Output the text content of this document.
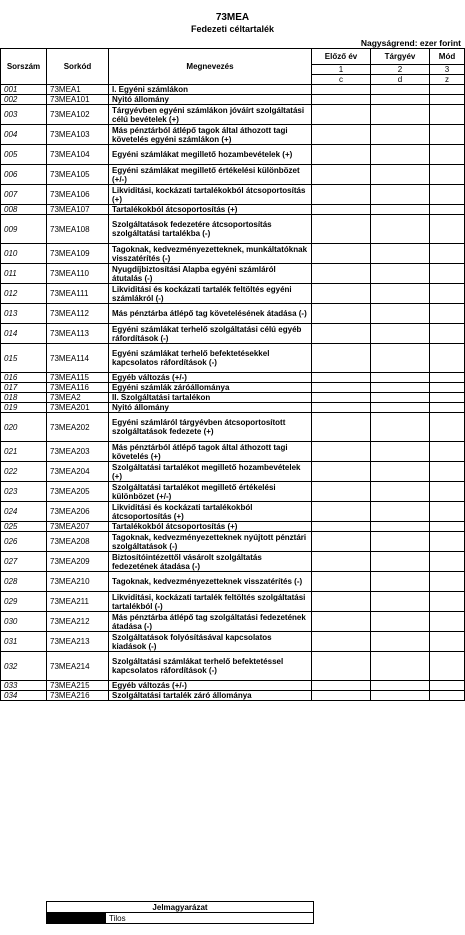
73MEA
Fedezeti céltartalék
Nagyságrend: ezer forint
Sorszám	Sorkód	Megnevezés	Előző év	Tárgyév	Mód
			1	2	3
			c	d	z
001	73MEA1	I. Egyéni számlákon			
002	73MEA101	Nyitó állomány			
003	73MEA102	Tárgyévben egyéni számlákon jóváírt szolgáltatási célú bevételek (+)			
004	73MEA103	Más pénztárból átlépő tagok által áthozott tagi követelés egyéni számlákon (+)			
005	73MEA104	Egyéni számlákat megillető hozambevételek (+)			
006	73MEA105	Egyéni számlákat megillető értékelési különbözet (+/-)			
007	73MEA106	Likviditási, kockázati tartalékokból átcsoportosítás (+)			
008	73MEA107	Tartalékokból átcsoportosítás (+)			
009	73MEA108	Szolgáltatások fedezetére átcsoportosítás szolgáltatási tartalékba (-)			
010	73MEA109	Tagoknak, kedvezményezetteknek, munkáltatóknak visszatérítés (-)			
011	73MEA110	Nyugdíjbiztosítási Alapba egyéni számláról átutalás (-)			
012	73MEA111	Likviditási és kockázati tartalék feltöltés egyéni számlákról (-)			
013	73MEA112	Más pénztárba átlépő tag követelésének átadása (-)			
014	73MEA113	Egyéni számlákat terhelő szolgáltatási célú egyéb ráfordítások (-)			
015	73MEA114	Egyéni számlákat terhelő befektetésekkel kapcsolatos ráfordítások (-)			
016	73MEA115	Egyéb változás (+/-)			
017	73MEA116	Egyéni számlák záróállománya			
018	73MEA2	II. Szolgáltatási tartalékon			
019	73MEA201	Nyitó állomány			
020	73MEA202	Egyéni számláról tárgyévben átcsoportosított szolgáltatások fedezete (+)			
021	73MEA203	Más pénztárból átlépő tagok által áthozott tagi követelés (+)			
022	73MEA204	Szolgáltatási tartalékot megillető hozambevételek (+)			
023	73MEA205	Szolgáltatási tartalékot megillető értékelési különbözet (+/-)			
024	73MEA206	Likviditási és kockázati tartalékokból átcsoportosítás (+)			
025	73MEA207	Tartalékokból átcsoportosítás (+)			
026	73MEA208	Tagoknak, kedvezményezetteknek nyújtott pénztári szolgáltatások (-)			
027	73MEA209	Biztosítóintézettől vásárolt szolgáltatás fedezetének átadása (-)			
028	73MEA210	Tagoknak, kedvezményezetteknek visszatérítés (-)			
029	73MEA211	Likviditási, kockázati tartalék feltöltés szolgáltatási tartalékból (-)			
030	73MEA212	Más pénztárba átlépő tag szolgáltatási fedezetének átadása (-)			
031	73MEA213	Szolgáltatások folyósításával kapcsolatos kiadások (-)			
032	73MEA214	Szolgáltatási számlákat terhelő befektetéssel kapcsolatos ráfordítások (-)			
033	73MEA215	Egyéb változás (+/-)			
034	73MEA216	Szolgáltatási tartalék záró állománya			
Jelmagyarázat
	Tilos
